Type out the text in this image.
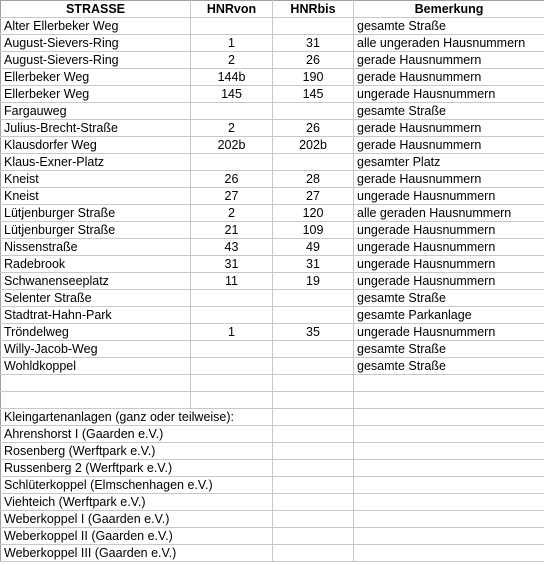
STRASSE	HNRvon	HNRbis	Bemerkung
Alter Ellerbeker Weg			gesamte Straße
August-Sievers-Ring	1	31	alle ungeraden Hausnummern
August-Sievers-Ring	2	26	gerade Hausnummern
Ellerbeker Weg	144b	190	gerade Hausnummern
Ellerbeker Weg	145	145	ungerade Hausnummern
Fargauweg			gesamte Straße
Julius-Brecht-Straße	2	26	gerade Hausnummern
Klausdorfer Weg	202b	202b	gerade Hausnummern
Klaus-Exner-Platz			gesamter Platz
Kneist	26	28	gerade Hausnummern
Kneist	27	27	ungerade Hausnummern
Lütjenburger Straße	2	120	alle geraden Hausnummern
Lütjenburger Straße	21	109	ungerade Hausnummern
Nissenstraße	43	49	ungerade Hausnummern
Radebrook	31	31	ungerade Hausnummern
Schwanenseeplatz	11	19	ungerade Hausnummern
Selenter Straße			gesamte Straße
Stadtrat-Hahn-Park			gesamte Parkanlage
Tröndelweg	1	35	ungerade Hausnummern
Willy-Jacob-Weg			gesamte Straße
Wohldkoppel			gesamte Straße

Kleingartenanlagen (ganz oder teilweise):			
Ahrenshorst I (Gaarden e.V.)			
Rosenberg (Werftpark e.V.)			
Russenberg 2 (Werftpark e.V.)			
Schlüterkoppel (Elmschenhagen e.V.)			
Viehteich (Werftpark e.V.)			
Weberkoppel I (Gaarden e.V.)			
Weberkoppel II (Gaarden e.V.)			
Weberkoppel III (Gaarden e.V.)			
